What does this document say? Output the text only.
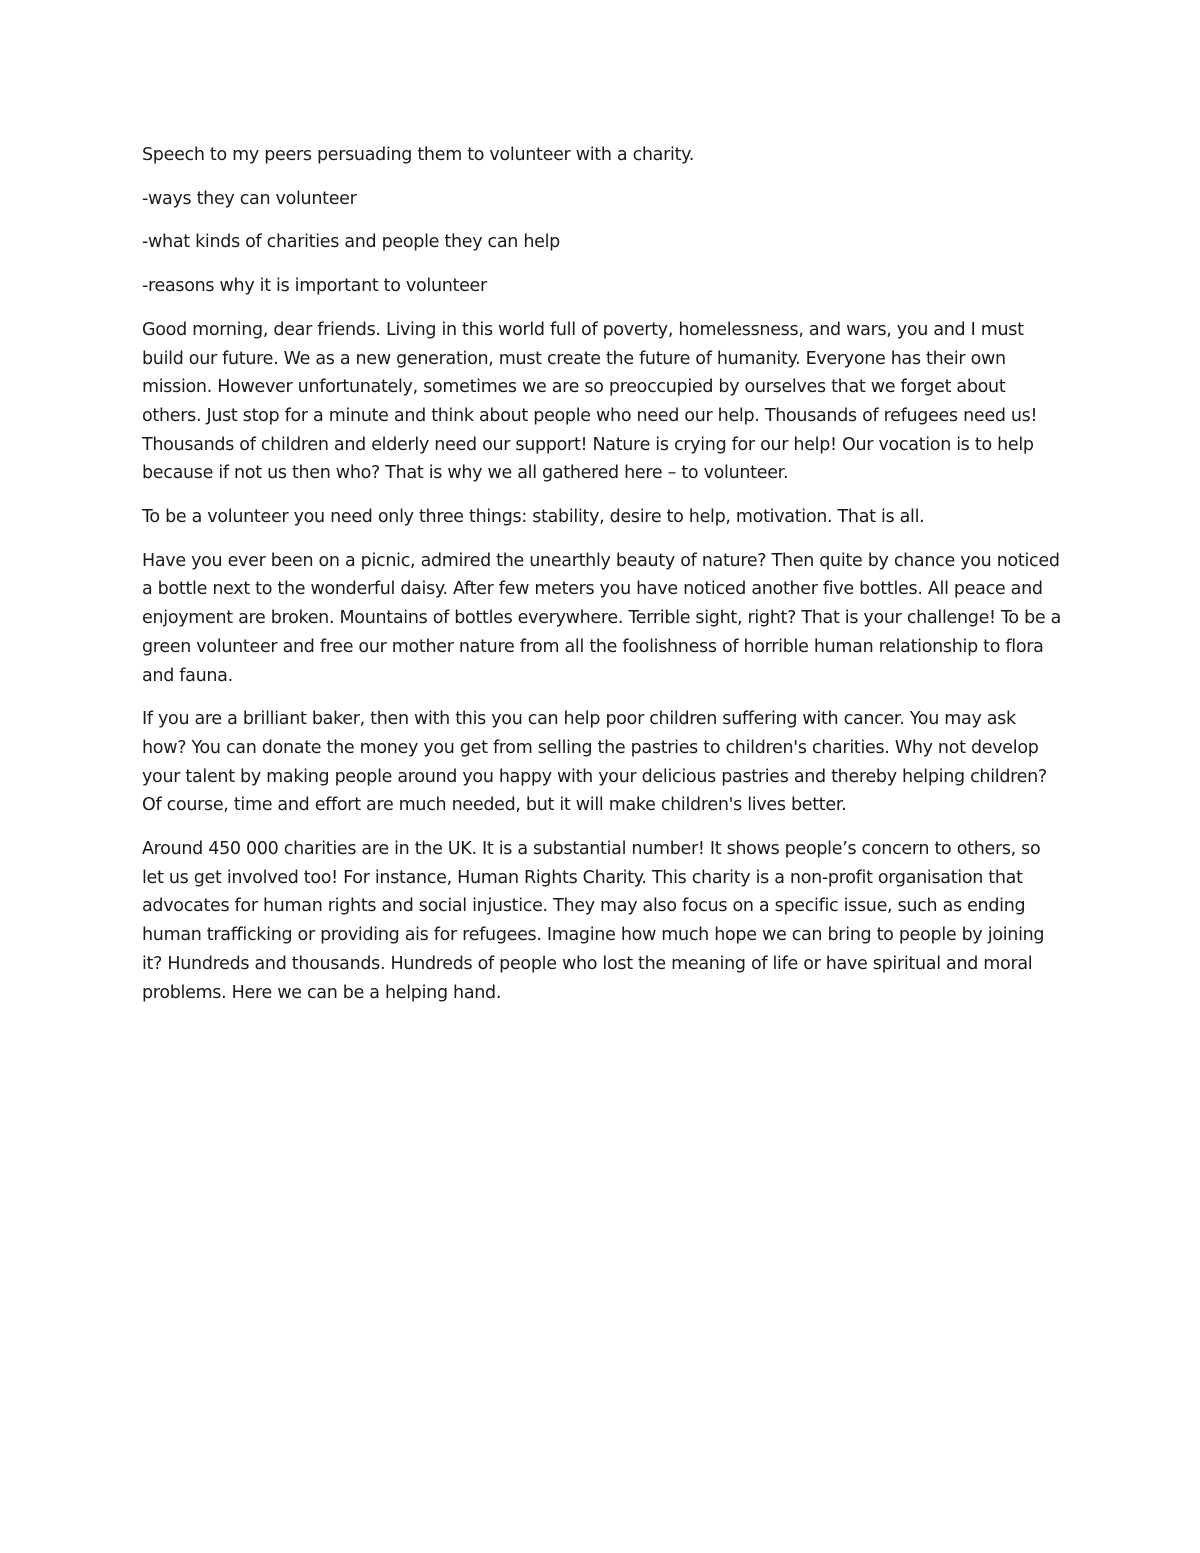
Speech to my peers persuading them to volunteer with a charity.

-ways they can volunteer

-what kinds of charities and people they can help

-reasons why it is important to volunteer

Good morning, dear friends. Living in this world full of poverty, homelessness, and wars, you and I must build our future. We as a new generation, must create the future of humanity. Everyone has their own mission. However unfortunately, sometimes we are so preoccupied by ourselves that we forget about others. Just stop for a minute and think about people who need our help. Thousands of refugees need us! Thousands of children and elderly need our support! Nature is crying for our help! Our vocation is to help because if not us then who? That is why we all gathered here – to volunteer.

To be a volunteer you need only three things: stability, desire to help, motivation. That is all.

Have you ever been on a picnic, admired the unearthly beauty of nature? Then quite by chance you noticed a bottle next to the wonderful daisy. After few meters you have noticed another five bottles. All peace and enjoyment are broken. Mountains of bottles everywhere. Terrible sight, right? That is your challenge! To be a green volunteer and free our mother nature from all the foolishness of horrible human relationship to flora and fauna.

If you are a brilliant baker, then with this you can help poor children suffering with cancer. You may ask how? You can donate the money you get from selling the pastries to children's charities. Why not develop your talent by making people around you happy with your delicious pastries and thereby helping children? Of course, time and effort are much needed, but it will make children's lives better.

Around 450 000 charities are in the UK. It is a substantial number! It shows people’s concern to others, so let us get involved too! For instance, Human Rights Charity. This charity is a non-profit organisation that advocates for human rights and social injustice. They may also focus on a specific issue, such as ending human trafficking or providing ais for refugees. Imagine how much hope we can bring to people by joining it? Hundreds and thousands. Hundreds of people who lost the meaning of life or have spiritual and moral problems. Here we can be a helping hand.
